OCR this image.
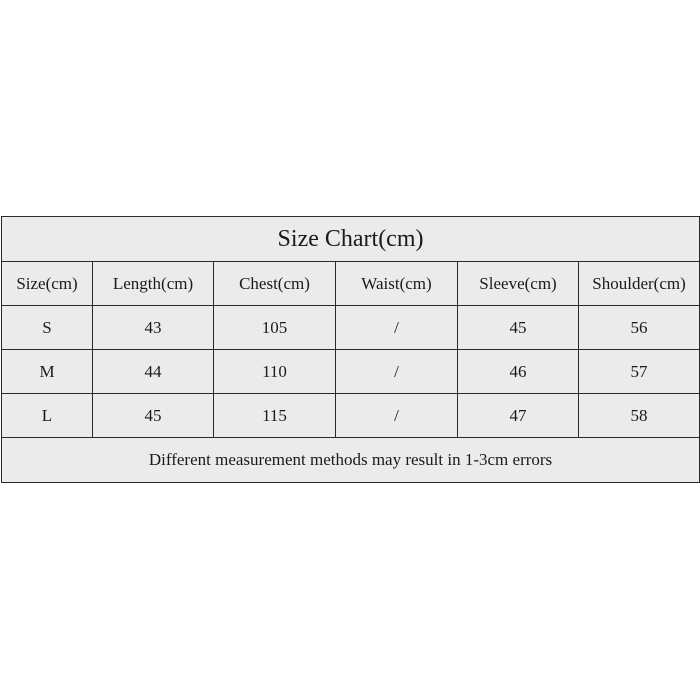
Size Chart(cm)					
Size(cm)	Length(cm)	Chest(cm)	Waist(cm)	Sleeve(cm)	Shoulder(cm)
S	43	105	/	45	56
M	44	110	/	46	57
L	45	115	/	47	58
Different measurement methods may result in 1-3cm errors					
